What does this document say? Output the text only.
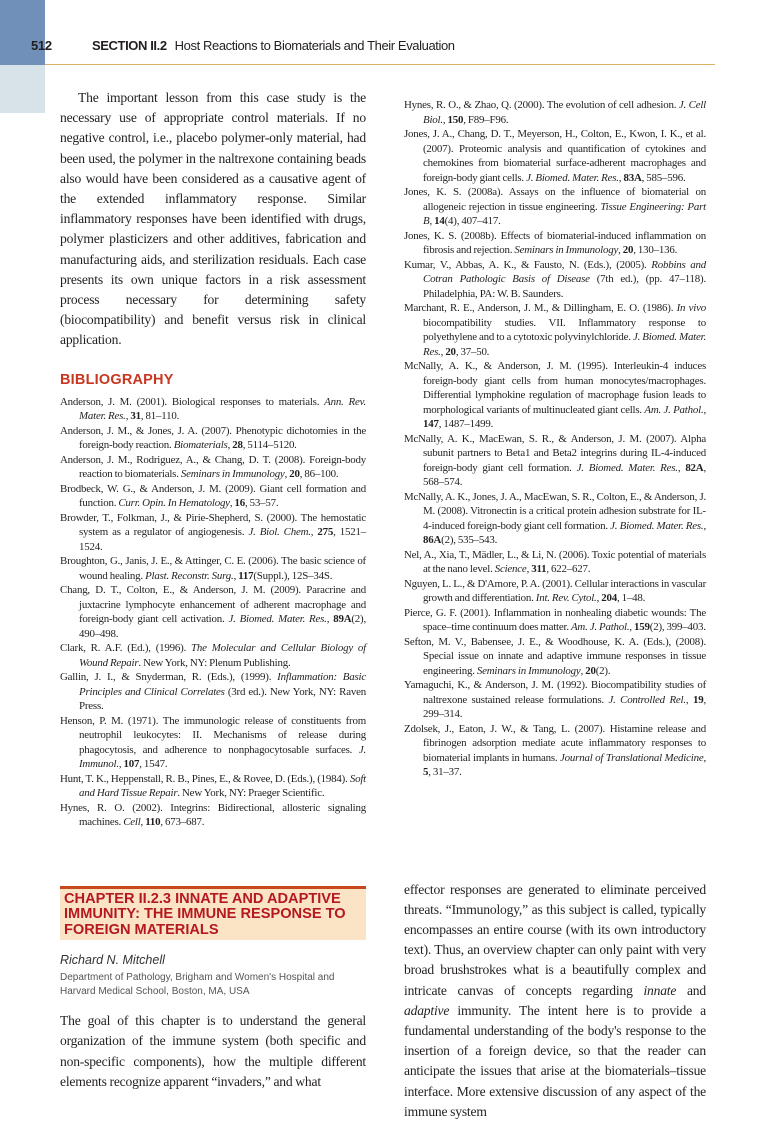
512	SECTION II.2 Host Reactions to Biomaterials and Their Evaluation

The important lesson from this case study is the necessary use of appropriate control materials. If no negative control, i.e., placebo polymer-only material, had been used, the polymer in the naltrexone containing beads also would have been considered as a causative agent of the extended inflammatory response. Similar inflammatory responses have been identified with drugs, polymer plasticizers and other additives, fabrication and manufacturing aids, and sterilization residuals. Each case presents its own unique factors in a risk assessment process necessary for determining safety (biocompatibility) and benefit versus risk in clinical application.

BIBLIOGRAPHY

Anderson, J. M. (2001). Biological responses to materials. Ann. Rev. Mater. Res., 31, 81–110.

Anderson, J. M., & Jones, J. A. (2007). Phenotypic dichotomies in the foreign-body reaction. Biomaterials, 28, 5114–5120.

Anderson, J. M., Rodriguez, A., & Chang, D. T. (2008). Foreign-body reaction to biomaterials. Seminars in Immunology, 20, 86–100.

Brodbeck, W. G., & Anderson, J. M. (2009). Giant cell formation and function. Curr. Opin. In Hematology, 16, 53–57.

Browder, T., Folkman, J., & Pirie-Shepherd, S. (2000). The hemostatic system as a regulator of angiogenesis. J. Biol. Chem., 275, 1521–1524.

Broughton, G., Janis, J. E., & Attinger, C. E. (2006). The basic science of wound healing. Plast. Reconstr. Surg., 117(Suppl.), 12S–34S.

Chang, D. T., Colton, E., & Anderson, J. M. (2009). Paracrine and juxtacrine lymphocyte enhancement of adherent macrophage and foreign-body giant cell activation. J. Biomed. Mater. Res., 89A(2), 490–498.

Clark, R. A.F. (Ed.), (1996). The Molecular and Cellular Biology of Wound Repair. New York, NY: Plenum Publishing.

Gallin, J. I., & Snyderman, R. (Eds.), (1999). Inflammation: Basic Principles and Clinical Correlates (3rd ed.). New York, NY: Raven Press.

Henson, P. M. (1971). The immunologic release of constituents from neutrophil leukocytes: II. Mechanisms of release during phagocytosis, and adherence to nonphagocytosable surfaces. J. Immunol., 107, 1547.

Hunt, T. K., Heppenstall, R. B., Pines, E., & Rovee, D. (Eds.), (1984). Soft and Hard Tissue Repair. New York, NY: Praeger Scientific.

Hynes, R. O. (2002). Integrins: Bidirectional, allosteric signaling machines. Cell, 110, 673–687.

CHAPTER II.2.3 INNATE AND ADAPTIVE IMMUNITY: THE IMMUNE RESPONSE TO FOREIGN MATERIALS
Richard N. Mitchell
Department of Pathology, Brigham and Women's Hospital and Harvard Medical School, Boston, MA, USA

The goal of this chapter is to understand the general organization of the immune system (both specific and non-specific components), how the multiple different elements recognize apparent “invaders,” and what

Hynes, R. O., & Zhao, Q. (2000). The evolution of cell adhesion. J. Cell Biol., 150, F89–F96.

Jones, J. A., Chang, D. T., Meyerson, H., Colton, E., Kwon, I. K., et al. (2007). Proteomic analysis and quantification of cytokines and chemokines from biomaterial surface-adherent macrophages and foreign-body giant cells. J. Biomed. Mater. Res., 83A, 585–596.

Jones, K. S. (2008a). Assays on the influence of biomaterial on allogeneic rejection in tissue engineering. Tissue Engineering: Part B, 14(4), 407–417.

Jones, K. S. (2008b). Effects of biomaterial-induced inflammation on fibrosis and rejection. Seminars in Immunology, 20, 130–136.

Kumar, V., Abbas, A. K., & Fausto, N. (Eds.), (2005). Robbins and Cotran Pathologic Basis of Disease (7th ed.), (pp. 47–118). Philadelphia, PA: W. B. Saunders.

Marchant, R. E., Anderson, J. M., & Dillingham, E. O. (1986). In vivo biocompatibility studies. VII. Inflammatory response to polyethylene and to a cytotoxic polyvinylchloride. J. Biomed. Mater. Res., 20, 37–50.

McNally, A. K., & Anderson, J. M. (1995). Interleukin-4 induces foreign-body giant cells from human monocytes/macrophages. Differential lymphokine regulation of macrophage fusion leads to morphological variants of multinucleated giant cells. Am. J. Pathol., 147, 1487–1499.

McNally, A. K., MacEwan, S. R., & Anderson, J. M. (2007). Alpha subunit partners to Beta1 and Beta2 integrins during IL-4-induced foreign-body giant cell formation. J. Biomed. Mater. Res., 82A, 568–574.

McNally, A. K., Jones, J. A., MacEwan, S. R., Colton, E., & Anderson, J. M. (2008). Vitronectin is a critical protein adhesion substrate for IL-4-induced foreign-body giant cell formation. J. Biomed. Mater. Res., 86A(2), 535–543.

Nel, A., Xia, T., Mädler, L., & Li, N. (2006). Toxic potential of materials at the nano level. Science, 311, 622–627.

Nguyen, L. L., & D'Amore, P. A. (2001). Cellular interactions in vascular growth and differentiation. Int. Rev. Cytol., 204, 1–48.

Pierce, G. F. (2001). Inflammation in nonhealing diabetic wounds: The space–time continuum does matter. Am. J. Pathol., 159(2), 399–403.

Sefton, M. V., Babensee, J. E., & Woodhouse, K. A. (Eds.), (2008). Special issue on innate and adaptive immune responses in tissue engineering. Seminars in Immunology, 20(2).

Yamaguchi, K., & Anderson, J. M. (1992). Biocompatibility studies of naltrexone sustained release formulations. J. Controlled Rel., 19, 299–314.

Zdolsek, J., Eaton, J. W., & Tang, L. (2007). Histamine release and fibrinogen adsorption mediate acute inflammatory responses to biomaterial implants in humans. Journal of Translational Medicine, 5, 31–37.

effector responses are generated to eliminate perceived threats. “Immunology,” as this subject is called, typically encompasses an entire course (with its own introductory text). Thus, an overview chapter can only paint with very broad brushstrokes what is a beautifully complex and intricate canvas of concepts regarding innate and adaptive immunity. The intent here is to provide a fundamental understanding of the body's response to the insertion of a foreign device, so that the reader can anticipate the issues that arise at the biomaterials–tissue interface. More extensive discussion of any aspect of the immune system
